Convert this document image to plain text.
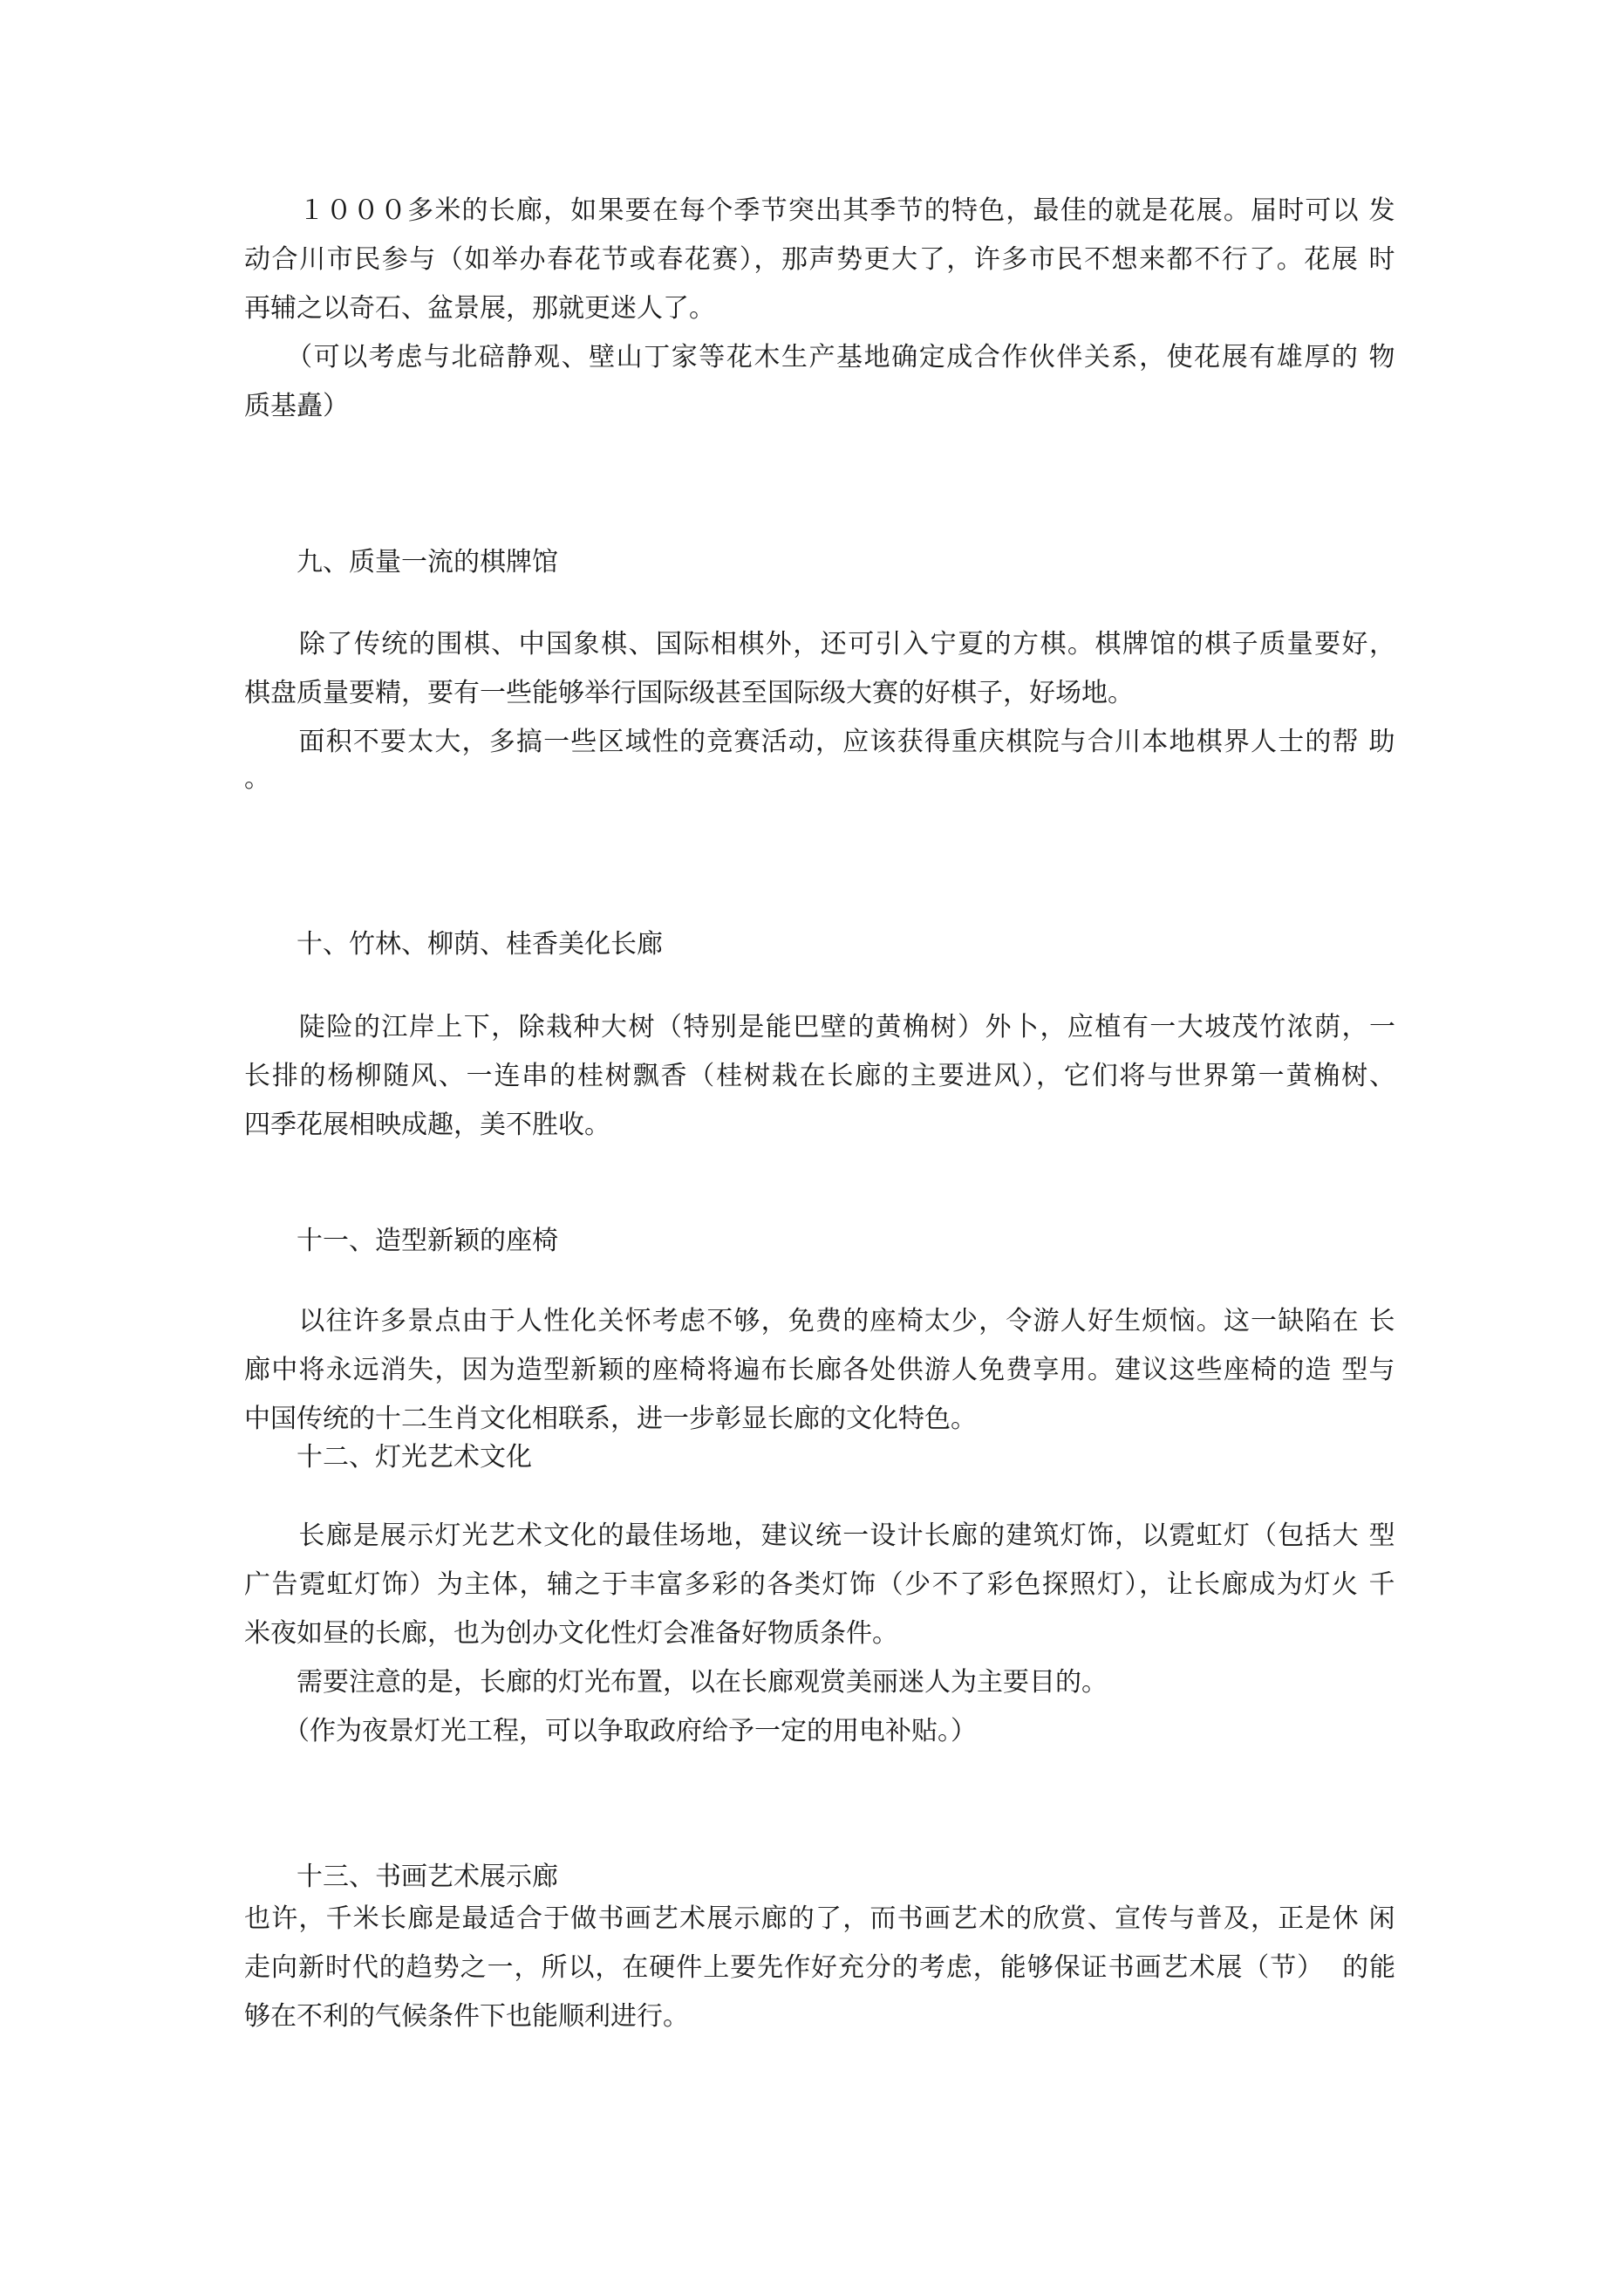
　　１０００多米的长廊，如果要在每个季节突出其季节的特色，最佳的就是花展。届时可以 发
动合川市民参与（如举办春花节或春花赛），那声势更大了，许多市民不想来都不行了。花展 时
再辅之以奇石、盆景展，那就更迷人了。
　　（可以考虑与北碚静观、壁山丁家等花木生产基地确定成合作伙伴关系，使花展有雄厚的 物
质基矗）
　　九、质量一流的棋牌馆
　　除了传统的围棋、中国象棋、国际相棋外，还可引入宁夏的方棋。棋牌馆的棋子质量要好，
棋盘质量要精，要有一些能够举行国际级甚至国际级大赛的好棋子，好场地。
　　面积不要太大，多搞一些区域性的竞赛活动，应该获得重庆棋院与合川本地棋界人士的帮 助
。
　　十、竹林、柳荫、桂香美化长廊
　　陡险的江岸上下，除栽种大树（特别是能巴壁的黄桷树）外卜，应植有一大坡茂竹浓荫，一
长排的杨柳随风、一连串的桂树飘香（桂树栽在长廊的主要进风），它们将与世界第一黄桷树、
四季花展相映成趣，美不胜收。
　　十一、造型新颖的座椅
　　以往许多景点由于人性化关怀考虑不够，免费的座椅太少，令游人好生烦恼。这一缺陷在 长
廊中将永远消失，因为造型新颖的座椅将遍布长廊各处供游人免费享用。建议这些座椅的造 型与
中国传统的十二生肖文化相联系，进一步彰显长廊的文化特色。
　　十二、灯光艺术文化
　　长廊是展示灯光艺术文化的最佳场地，建议统一设计长廊的建筑灯饰，以霓虹灯（包括大 型
广告霓虹灯饰）为主体，辅之于丰富多彩的各类灯饰（少不了彩色探照灯），让长廊成为灯火 千
米夜如昼的长廊，也为创办文化性灯会准备好物质条件。
　　需要注意的是，长廊的灯光布置，以在长廊观赏美丽迷人为主要目的。
　　（作为夜景灯光工程，可以争取政府给予一定的用电补贴。）
　　十三、书画艺术展示廊
也许，千米长廊是最适合于做书画艺术展示廊的了，而书画艺术的欣赏、宣传与普及，正是休 闲
走向新时代的趋势之一，所以，在硬件上要先作好充分的考虑，能够保证书画艺术展（节）  的能
够在不利的气候条件下也能顺利进行。
